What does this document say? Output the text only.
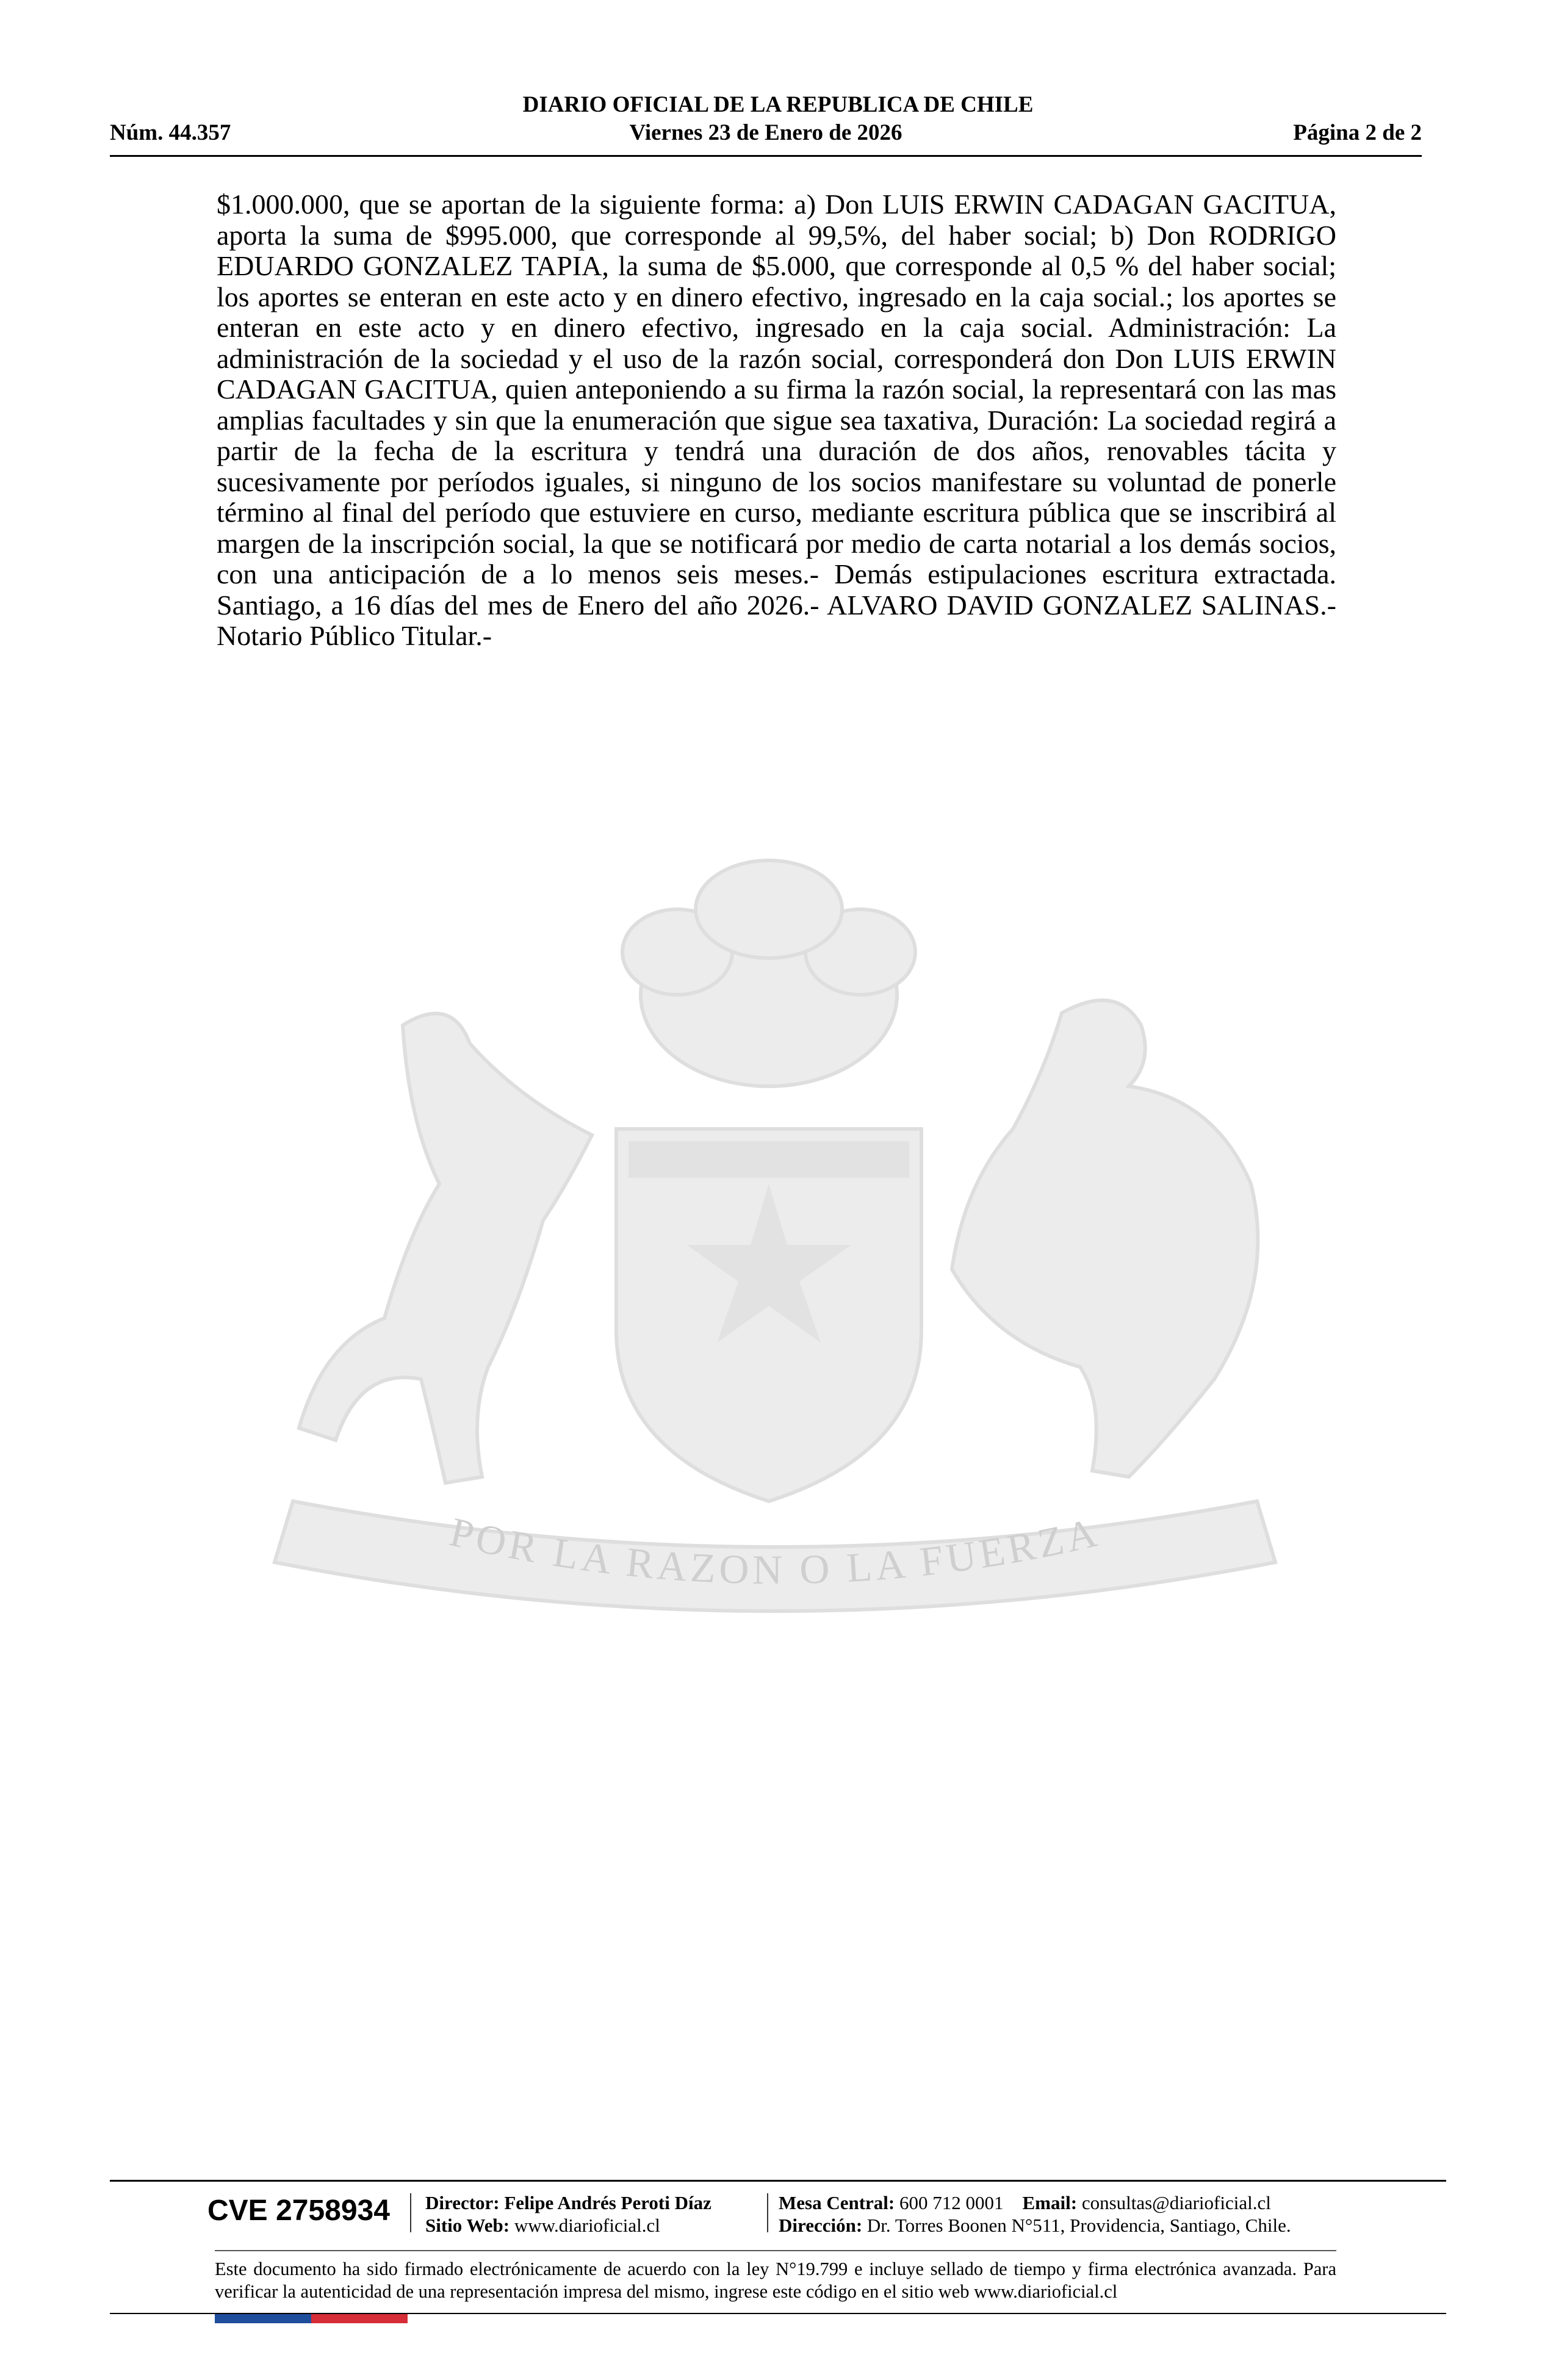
DIARIO OFICIAL DE LA REPUBLICA DE CHILE
Núm. 44.357	Viernes 23 de Enero de 2026	Página 2 de 2
$1.000.000, que se aportan de la siguiente forma: a) Don LUIS ERWIN CADAGAN GACITUA, aporta la suma de $995.000, que corresponde al 99,5%, del haber social; b) Don RODRIGO EDUARDO GONZALEZ TAPIA, la suma de $5.000, que corresponde al 0,5 % del haber social; los aportes se enteran en este acto y en dinero efectivo, ingresado en la caja social.; los aportes se enteran en este acto y en dinero efectivo, ingresado en la caja social. Administración: La administración de la sociedad y el uso de la razón social, corresponderá don Don LUIS ERWIN CADAGAN GACITUA, quien anteponiendo a su firma la razón social, la representará con las mas amplias facultades y sin que la enumeración que sigue sea taxativa, Duración: La sociedad regirá a partir de la fecha de la escritura y tendrá una duración de dos años, renovables tácita y sucesivamente por períodos iguales, si ninguno de los socios manifestare su voluntad de ponerle término al final del período que estuviere en curso, mediante escritura pública que se inscribirá al margen de la inscripción social, la que se notificará por medio de carta notarial a los demás socios, con una anticipación de a lo menos seis meses.- Demás estipulaciones escritura extractada. Santiago, a 16 días del mes de Enero del año 2026.- ALVARO DAVID GONZALEZ SALINAS.- Notario Público Titular.-
POR LA RAZON O LA FUERZA
CVE 2758934 Director: Felipe Andrés Peroti Díaz
Sitio Web: www.diarioficial.cl
Mesa Central: 600 712 0001 Email: consultas@diarioficial.cl
Dirección: Dr. Torres Boonen N°511, Providencia, Santiago, Chile.
Este documento ha sido firmado electrónicamente de acuerdo con la ley N°19.799 e incluye sellado de tiempo y firma electrónica avanzada. Para verificar la autenticidad de una representación impresa del mismo, ingrese este código en el sitio web www.diarioficial.cl
